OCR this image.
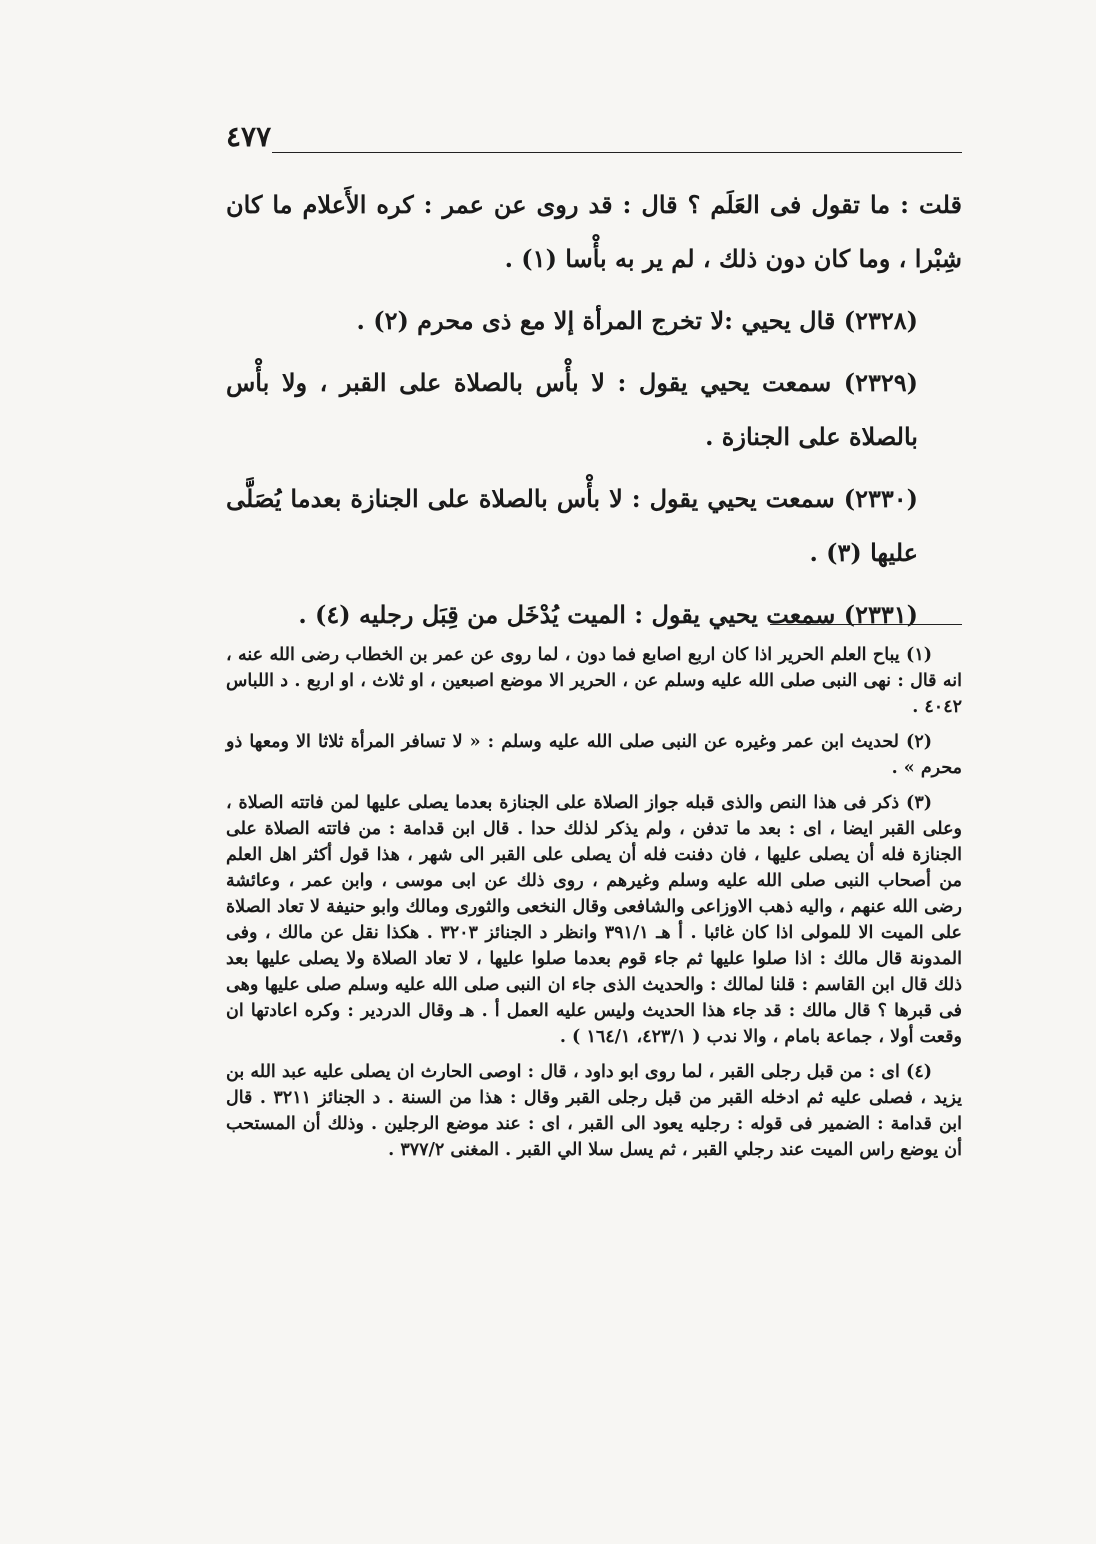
٤٧٧

قلت : ما تقول فى العَلَم ؟ قال : قد روى عن عمر : كره الأَعلام ما كان شِبْرا ، وما كان دون ذلك ، لم ير به بأْسا (١) .

(٢٣٢٨) قال يحيي :لا تخرج المرأة إلا مع ذى محرم (٢) .

(٢٣٢٩) سمعت يحيي يقول : لا بأْس بالصلاة على القبر ، ولا بأْس بالصلاة على الجنازة .

(٢٣٣٠) سمعت يحيي يقول : لا بأْس بالصلاة على الجنازة بعدما يُصَلَّى عليها (٣) .

(٢٣٣١) سمعت يحيي يقول : الميت يُدْخَل من قِبَل رجليه (٤) .

(١) يباح العلم الحرير اذا كان اربع اصابع فما دون ، لما روى عن عمر بن الخطاب رضى الله عنه ، انه قال : نهى النبى صلى الله عليه وسلم عن ، الحرير الا موضع اصبعين ، او ثلاث ، او اربع . د اللباس ٤٠٤٢ .

(٢) لحديث ابن عمر وغيره عن النبى صلى الله عليه وسلم : « لا تسافر المرأة ثلاثا الا ومعها ذو محرم » .

(٣) ذكر فى هذا النص والذى قبله جواز الصلاة على الجنازة بعدما يصلى عليها لمن فاتته الصلاة ، وعلى القبر ايضا ، اى : بعد ما تدفن ، ولم يذكر لذلك حدا . قال ابن قدامة : من فاتته الصلاة على الجنازة فله أن يصلى عليها ، فان دفنت فله أن يصلى على القبر الى شهر ، هذا قول أكثر اهل العلم من أصحاب النبى صلى الله عليه وسلم وغيرهم ، روى ذلك عن ابى موسى ، وابن عمر ، وعائشة رضى الله عنهم ، واليه ذهب الاوزاعى والشافعى وقال النخعى والثورى ومالك وابو حنيفة لا تعاد الصلاة على الميت الا للمولى اذا كان غائبا . أ هـ ٣٩١/١ وانظر د الجنائز ٣٢٠٣ . هكذا نقل عن مالك ، وفى المدونة قال مالك : اذا صلوا عليها ثم جاء قوم بعدما صلوا عليها ، لا تعاد الصلاة ولا يصلى عليها بعد ذلك قال ابن القاسم : قلنا لمالك : والحديث الذى جاء ان النبى صلى الله عليه وسلم صلى عليها وهى فى قبرها ؟ قال مالك : قد جاء هذا الحديث وليس عليه العمل أ . هـ وقال الدردير : وكره اعادتها ان وقعت أولا ، جماعة بامام ، والا ندب ( ٤٢٣/١، ١٦٤/١ ) .

(٤) اى : من قبل رجلى القبر ، لما روى ابو داود ، قال : اوصى الحارث ان يصلى عليه عبد الله بن يزيد ، فصلى عليه ثم ادخله القبر من قبل رجلى القبر وقال : هذا من السنة . د الجنائز ٣٢١١ . قال ابن قدامة : الضمير فى قوله : رجليه يعود الى القبر ، اى : عند موضع الرجلين . وذلك أن المستحب أن يوضع راس الميت عند رجلي القبر ، ثم يسل سلا الي القبر . المغنى ٣٧٧/٢ .
